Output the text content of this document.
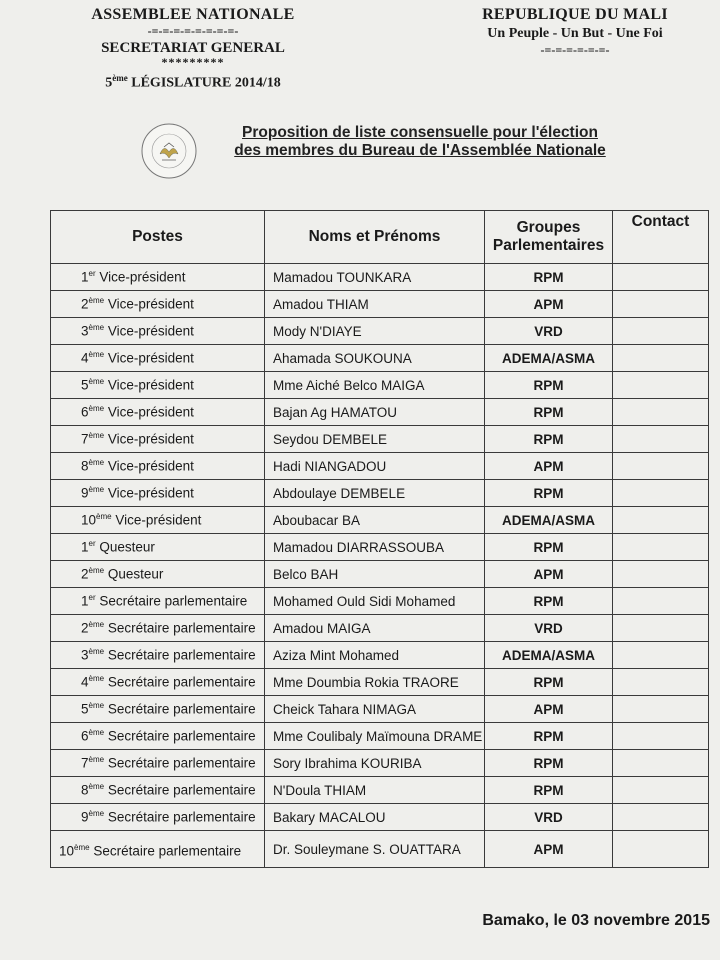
ASSEMBLEE NATIONALE
-=-=-=-=-=-=-=-=-
SECRETARIAT GENERAL
*********
5ème LÉGISLATURE 2014/18
REPUBLIQUE DU MALI
Un Peuple - Un But - Une Foi
-=-=-=-=-=-=-
Proposition de liste consensuelle pour l'élection
des membres du Bureau de l'Assemblée Nationale
Postes	Noms et Prénoms	Groupes Parlementaires	Contact
1er Vice-président	Mamadou TOUNKARA	RPM	
2ème Vice-président	Amadou THIAM	APM	
3ème Vice-président	Mody N'DIAYE	VRD	
4ème Vice-président	Ahamada SOUKOUNA	ADEMA/ASMA	
5ème Vice-président	Mme Aiché Belco MAIGA	RPM	
6ème Vice-président	Bajan Ag HAMATOU	RPM	
7ème Vice-président	Seydou DEMBELE	RPM	
8ème Vice-président	Hadi NIANGADOU	APM	
9ème Vice-président	Abdoulaye DEMBELE	RPM	
10ème Vice-président	Aboubacar BA	ADEMA/ASMA	
1er Questeur	Mamadou DIARRASSOUBA	RPM	
2ème Questeur	Belco BAH	APM	
1er Secrétaire parlementaire	Mohamed Ould Sidi Mohamed	RPM	
2ème Secrétaire parlementaire	Amadou MAIGA	VRD	
3ème Secrétaire parlementaire	Aziza Mint Mohamed	ADEMA/ASMA	
4ème Secrétaire parlementaire	Mme Doumbia Rokia TRAORE	RPM	
5ème Secrétaire parlementaire	Cheick Tahara NIMAGA	APM	
6ème Secrétaire parlementaire	Mme Coulibaly Maïmouna DRAME	RPM	
7ème Secrétaire parlementaire	Sory Ibrahima KOURIBA	RPM	
8ème Secrétaire parlementaire	N'Doula THIAM	RPM	
9ème Secrétaire parlementaire	Bakary MACALOU	VRD	
10ème Secrétaire parlementaire	Dr. Souleymane S. OUATTARA	APM	
Bamako, le 03 novembre 2015
